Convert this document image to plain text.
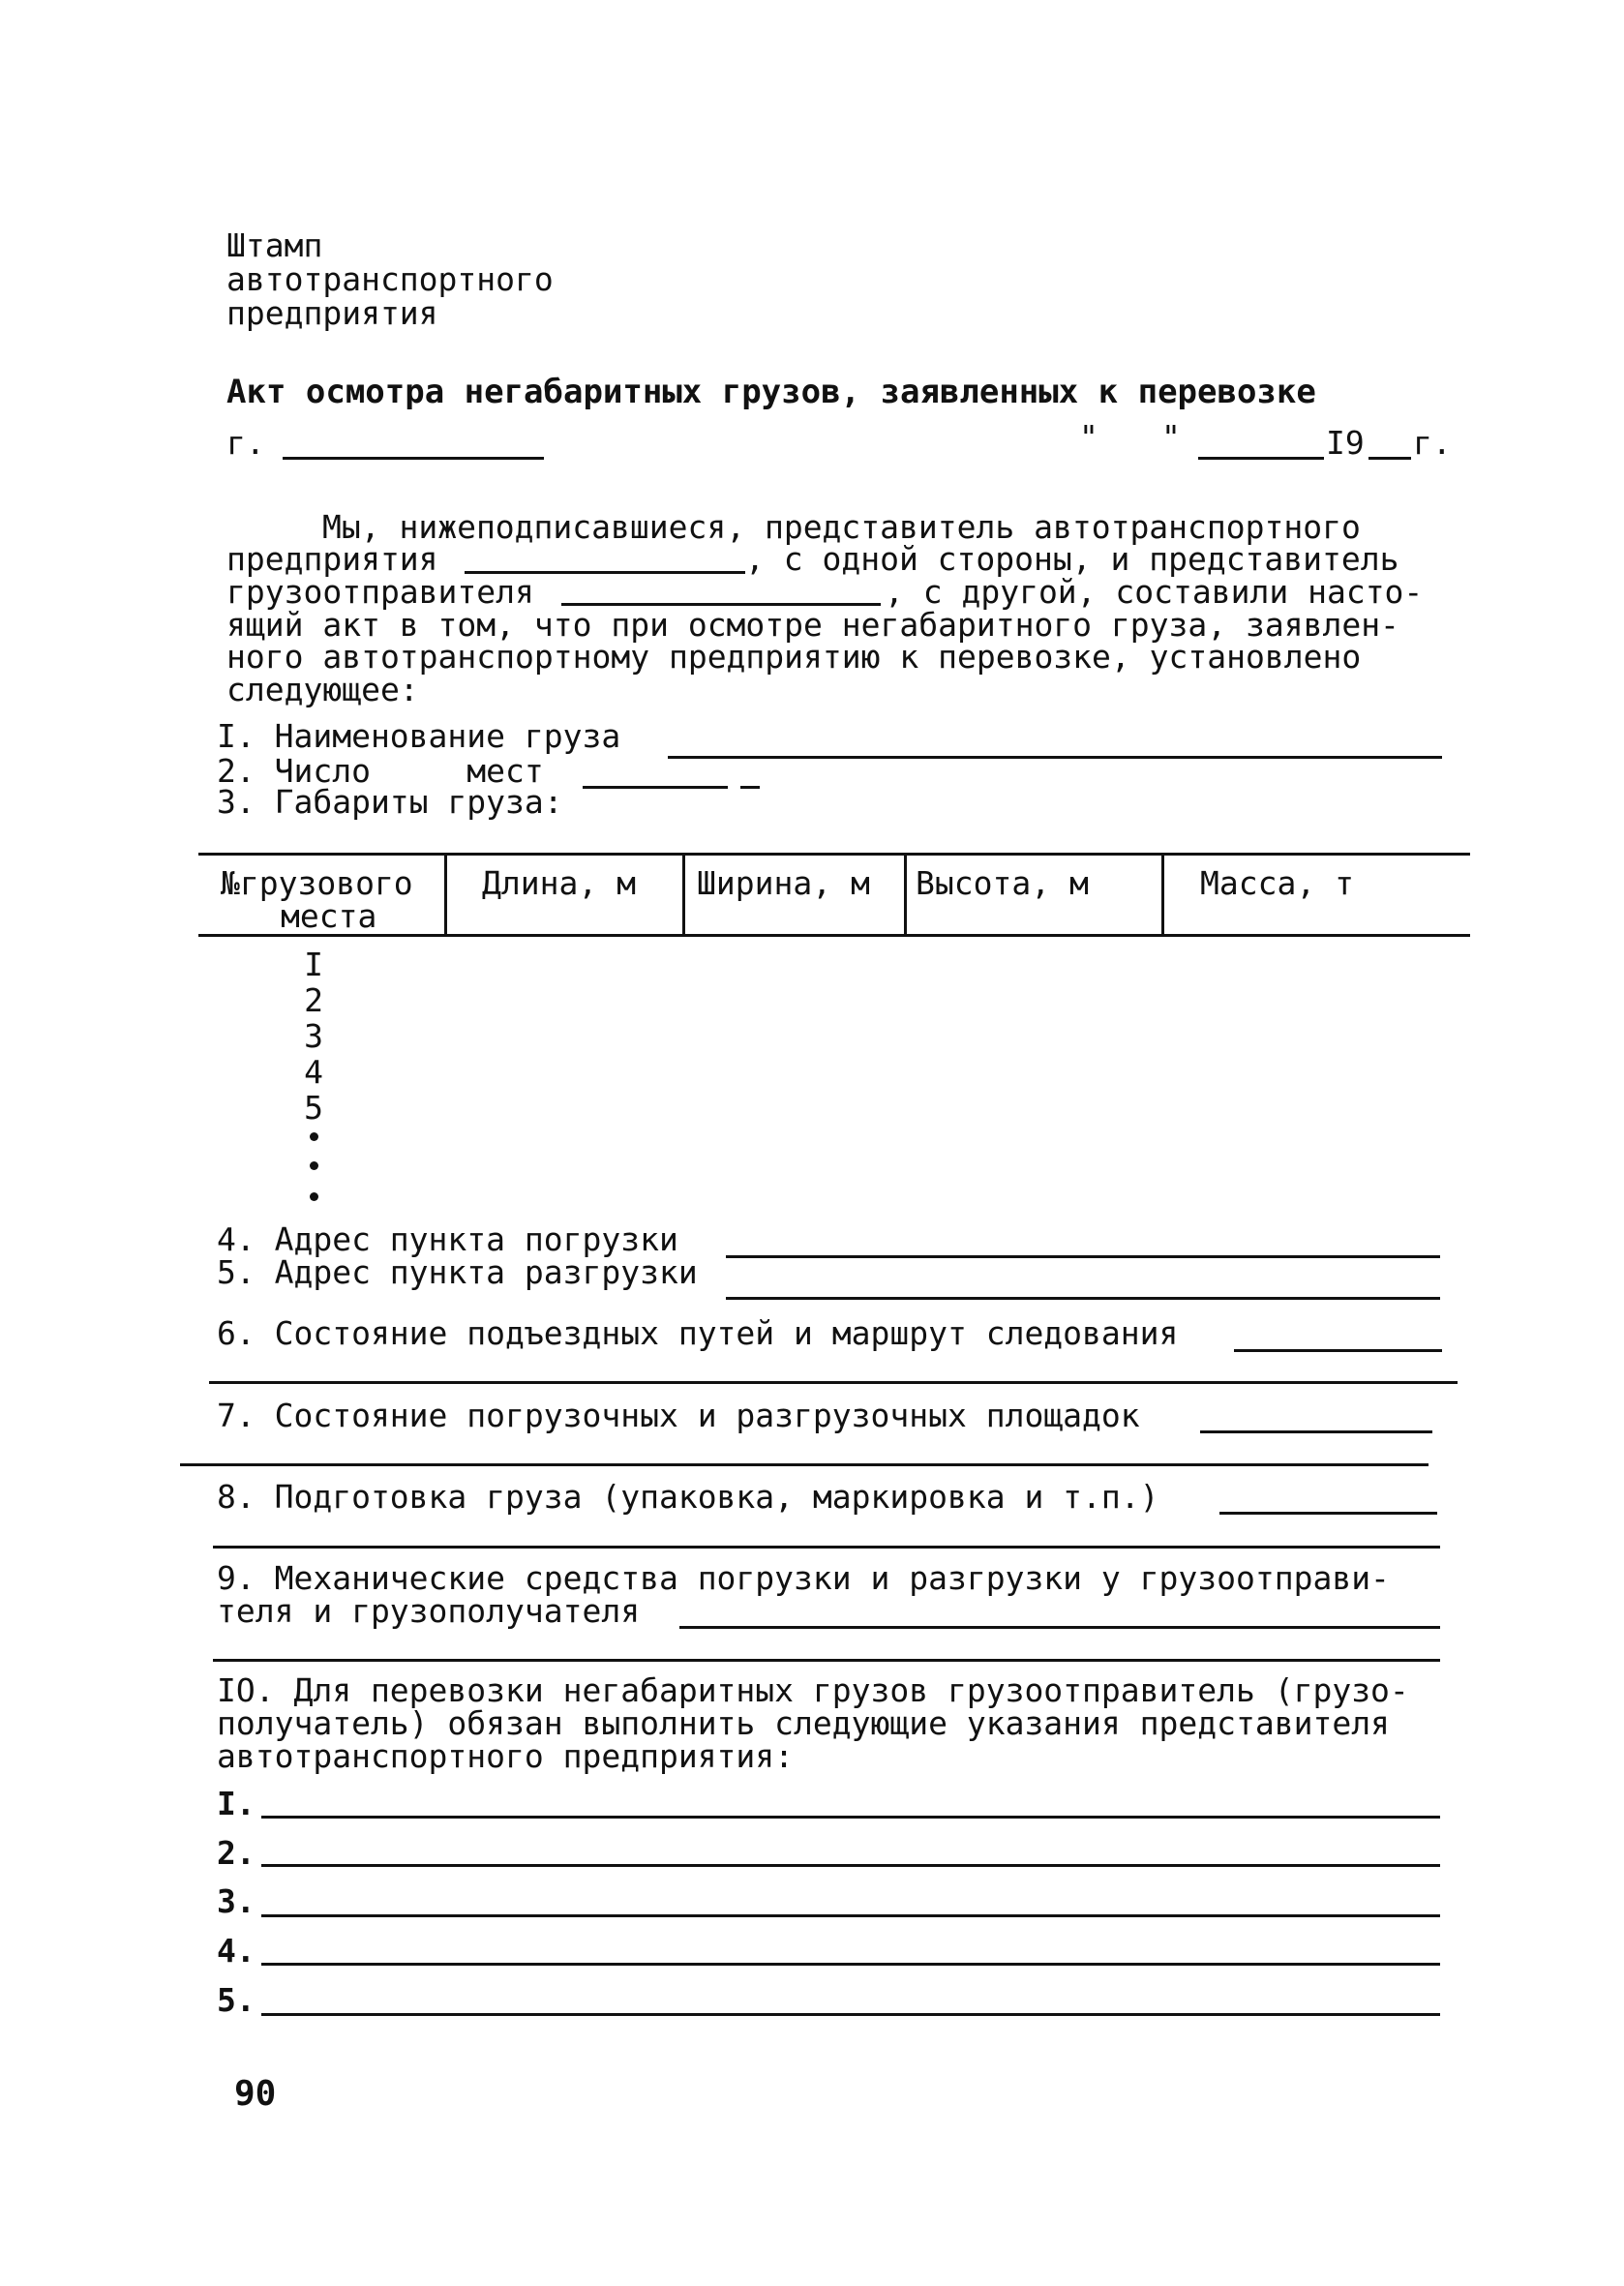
Штамп
автотранспортного
предприятия
Акт осмотра негабаритных грузов, заявленных к перевозке
г.	" "	I9 г.
Мы, нижеподписавшиеся, представитель автотранспортного
предприятия	, с одной стороны, и представитель
грузоотправителя	, с другой, составили насто-
ящий акт в том, что при осмотре негабаритного груза, заявлен-
ного автотранспортному предприятию к перевозке, установлено
следующее:
I. Наименование груза
2. Число     мест
3. Габариты груза:
№грузового
места
Длина, м Ширина, м Высота, м	Масса, т
I
2
3
4
5
4. Адрес пункта погрузки
5. Адрес пункта разгрузки
6. Состояние подъездных путей и маршрут следования
7. Состояние погрузочных и разгрузочных площадок
8. Подготовка груза (упаковка, маркировка и т.п.)
9. Механические средства погрузки и разгрузки у грузоотправи-
теля и грузополучателя
IO. Для перевозки негабаритных грузов грузоотправитель (грузо-
получатель) обязан выполнить следующие указания представителя
автотранспортного предприятия:
I.
2.
3.
4.
5.
90
